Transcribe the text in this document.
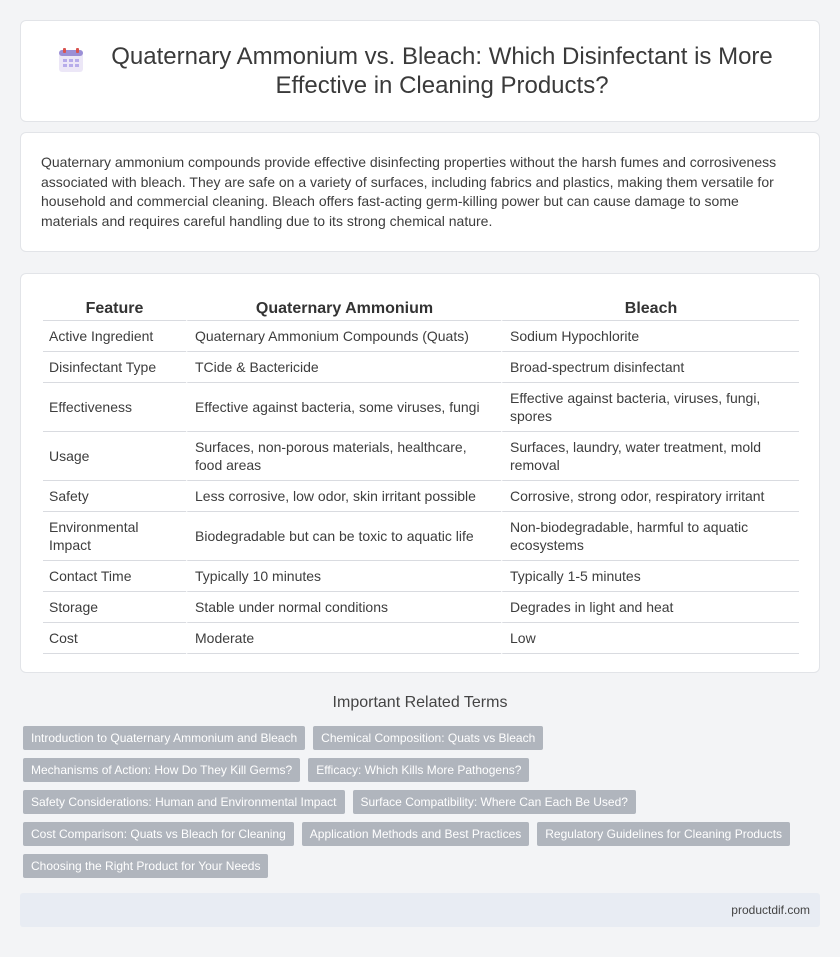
Quaternary Ammonium vs. Bleach: Which Disinfectant is More Effective in Cleaning Products?

Quaternary ammonium compounds provide effective disinfecting properties without the harsh fumes and corrosiveness associated with bleach. They are safe on a variety of surfaces, including fabrics and plastics, making them versatile for household and commercial cleaning. Bleach offers fast-acting germ-killing power but can cause damage to some materials and requires careful handling due to its strong chemical nature.

Feature	Quaternary Ammonium	Bleach
Active Ingredient	Quaternary Ammonium Compounds (Quats)	Sodium Hypochlorite
Disinfectant Type	TCide & Bactericide	Broad-spectrum disinfectant
Effectiveness	Effective against bacteria, some viruses, fungi	Effective against bacteria, viruses, fungi, spores
Usage	Surfaces, non-porous materials, healthcare, food areas	Surfaces, laundry, water treatment, mold removal
Safety	Less corrosive, low odor, skin irritant possible	Corrosive, strong odor, respiratory irritant
Environmental Impact	Biodegradable but can be toxic to aquatic life	Non-biodegradable, harmful to aquatic ecosystems
Contact Time	Typically 10 minutes	Typically 1-5 minutes
Storage	Stable under normal conditions	Degrades in light and heat
Cost	Moderate	Low
Important Related Terms
Introduction to Quaternary Ammonium and Bleach	Chemical Composition: Quats vs Bleach
Mechanisms of Action: How Do They Kill Germs?	Efficacy: Which Kills More Pathogens?
Safety Considerations: Human and Environmental Impact	Surface Compatibility: Where Can Each Be Used?
Cost Comparison: Quats vs Bleach for Cleaning	Application Methods and Best Practices	Regulatory Guidelines for Cleaning Products
Choosing the Right Product for Your Needs
productdif.com
